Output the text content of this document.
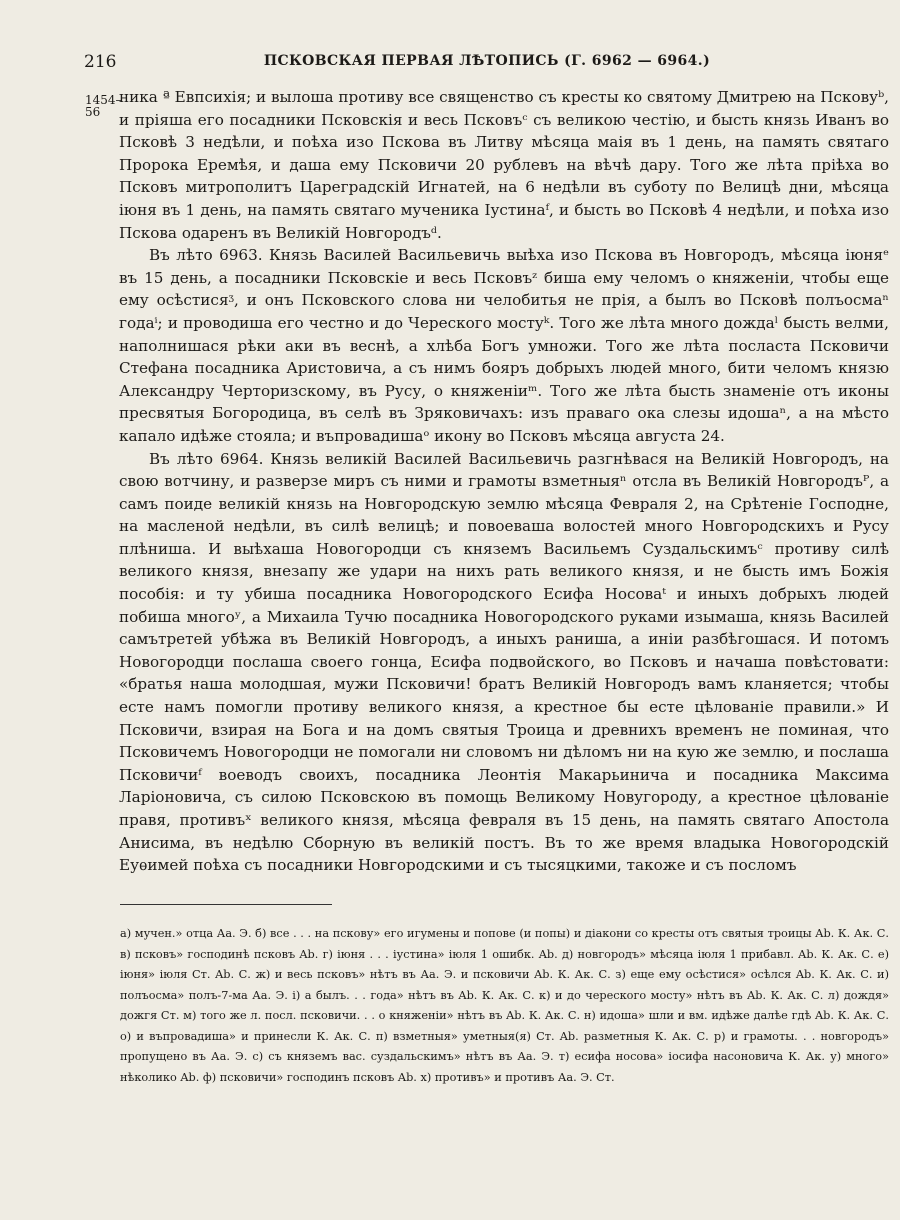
216	ПСКОВСКАЯ ПЕРВАЯ ЛѢТОПИСЬ (Г. 6962 — 6964.)
1454–56

ника ª Евпсихія; и вылоша противу все священство съ кресты ко святому Дмитрею на Псковуᵇ, и пріяша его посадники Псковскія и весь Псковъᶜ съ великою честію, и бысть князь Иванъ во Псковѣ 3 недѣли, и поѣха изо Пскова въ Литву мѣсяца маія въ 1 день, на память святаго Пророка Еремѣя, и даша ему Псковичи 20 рублевъ на вѣчѣ дару. Того же лѣта пріѣха во Псковъ митрополитъ Цареградскій Игнатей, на 6 недѣли въ суботу по Велицѣ дни, мѣсяца іюня въ 1 день, на память святаго мученика Іустинаᶠ, и бысть во Псковѣ 4 недѣли, и поѣха изо Пскова одаренъ въ Великій Новгородъᵈ.

Въ лѣто 6963. Князь Василей Васильевичь выѣха изо Пскова въ Новгородъ, мѣсяца іюняᵉ въ 15 день, а посадники Псковскіе и весь Псковъᶻ биша ему челомъ о княженіи, чтобы еще ему осѣстисяᶾ, и онъ Псковского слова ни челобитья не прія, а былъ во Псковѣ полъосмаⁿ годаⁱ; и проводиша его честно и до Череского мостуᵏ. Того же лѣта много дождаˡ бысть велми, наполнишася рѣки аки въ веснѣ, а хлѣба Богъ умножи. Того же лѣта посласта Псковичи Стефана посадника Аристовича, а съ нимъ бояръ добрыхъ людей много, бити челомъ князю Александру Черторизскому, въ Русу, о княженіиᵐ. Того же лѣта бысть знаменіе отъ иконы пресвятыя Богородица, въ селѣ въ Зряковичахъ: изъ праваго ока слезы идошаⁿ, а на мѣсто капало идѣже стояла; и въпровадишаᵒ икону во Псковъ мѣсяца августа 24.

Въ лѣто 6964. Князь великій Василей Васильевичь разгнѣвася на Великій Новгородъ, на свою вотчину, и разверзе миръ съ ними и грамоты взметныяⁿ отсла въ Великій Новгородъᴾ, а самъ поиде великій князь на Новгородскую землю мѣсяца Февраля 2, на Срѣтеніе Господне, на масленой недѣли, въ силѣ велицѣ; и повоеваша волостей много Новгородскихъ и Русу плѣниша. И выѣхаша Новогородци съ княземъ Васильемъ Суздальскимъᶜ противу силѣ великого князя, внезапу же удари на нихъ рать великого князя, и не бысть имъ Божія пособія: и ту убиша посадника Новогородского Есифа Носоваᵗ и иныхъ добрыхъ людей побиша многоʸ, а Михаила Тучю посадника Новогородского руками изымаша, князь Василей самътретей убѣжа въ Великій Новгородъ, а иныхъ раниша, а иніи разбѣгошася. И потомъ Новогородци послаша своего гонца, Есифа подвойского, во Псковъ и начаша повѣстовати: «братья наша молодшая, мужи Псковичи! братъ Великій Новгородъ вамъ кланяется; чтобы есте намъ помогли противу великого князя, а крестное бы есте цѣлованіе правили.» И Псковичи, взирая на Бога и на домъ святыя Троица и древнихъ временъ не поминая, что Псковичемъ Новогородци не помогали ни словомъ ни дѣломъ ни на кую же землю, и послаша Псковичиᶠ воеводъ своихъ, посадника Леонтія Макарьинича и посадника Максима Ларіоновича, съ силою Псковскою въ помощь Великому Новугороду, а крестное цѣлованіе правя, противъˣ великого князя, мѣсяца февраля въ 15 день, на память святаго Апостола Анисима, въ недѣлю Сборную въ великій постъ. Въ то же время владыка Новогородскій Еуѳимей поѣха съ посадники Новгородскими и съ тысяцкими, такоже и съ посломъ

а) мучен.» отца Аа. Э. б) все . . . на пскову» его игумены и попове (и попы) и діакони со кресты отъ святыя троицы Ab. К. Ак. С. в) псковъ» господинѣ псковъ Ab. г) іюня . . . іустина» іюля 1 ошибк. Ab. д) новгородъ» мѣсяца іюля 1 прибавл. Ab. К. Ак. С. е) іюня» іюля Ст. Ab. С. ж) и весь псковъ» нѣтъ въ Аа. Э. и псковичи Ab. К. Ак. С. з) еще ему осѣстися» осѣлся Ab. К. Ак. С. и) полъосма» полъ-7-ма Аа. Э. і) а былъ. . . года» нѣтъ въ Ab. К. Ак. С. к) и до череского мосту» нѣтъ въ Ab. К. Ак. С. л) дождя» дожгя Ст. м) того же л. посл. псковичи. . . о княженіи» нѣтъ въ Ab. К. Ак. С. н) идоша» шли и вм. идѣже далѣе гдѣ Ab. К. Ак. С. о) и въпровадиша» и принесли К. Ак. С. п) взметныя» уметныя(я) Ст. Ab. разметныя К. Ак. С. р) и грамоты. . . новгородъ» пропущено въ Аа. Э. с) съ княземъ вас. суздальскимъ» нѣтъ въ Аа. Э. т) есифа носова» іосифа насоновича К. Ак. у) много» нѣколико Ab. ф) псковичи» господинъ псковъ Ab. х) противъ» и противъ Аа. Э. Ст.
